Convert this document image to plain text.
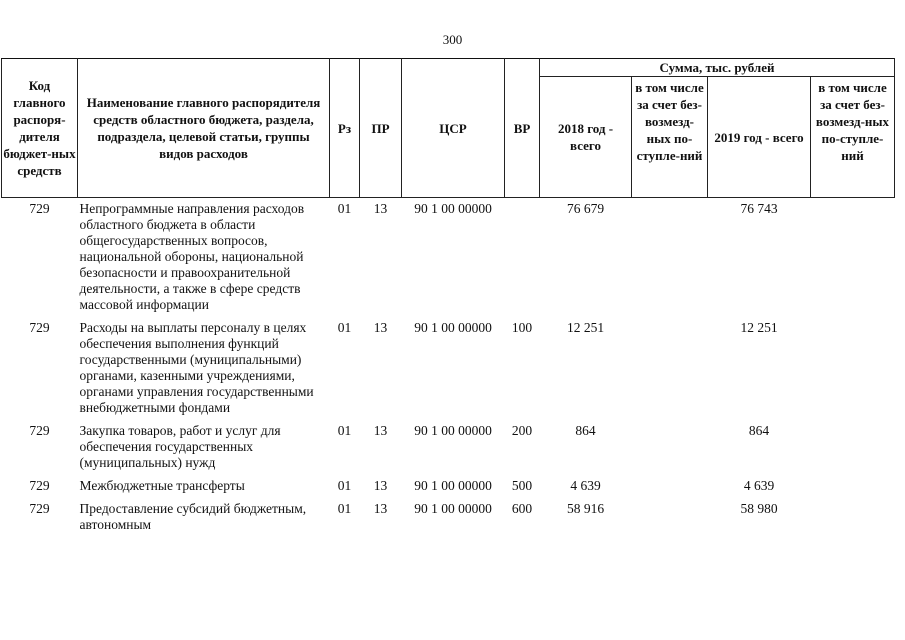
300
Код главного распоря-дителя бюджет-ных средств	Наименование главного распорядителя средств областного бюджета, раздела, подраздела, целевой статьи, группы видов расходов	Рз	ПР	ЦСР	ВР	Сумма, тыс. рублей			
						2018 год - всего	в том числе за счет без-возмезд-ных по-ступле-ний	2019 год - всего	в том числе за счет без-возмезд-ных по-ступле-ний
729	Непрограммные направления расходов областного бюджета в области общегосударственных вопросов, национальной обороны, национальной безопасности и правоохранительной деятельности, а также в сфере средств массовой информации	01	13	90 1 00 00000		76 679		76 743	
729	Расходы на выплаты персоналу в целях обеспечения выполнения функций государственными (муниципальными) органами, казенными учреждениями, органами управления государственными внебюджетными фондами	01	13	90 1 00 00000	100	12 251		12 251	
729	Закупка товаров, работ и услуг для обеспечения государственных (муниципальных) нужд	01	13	90 1 00 00000	200	864		864	
729	Межбюджетные трансферты	01	13	90 1 00 00000	500	4 639		4 639	
729	Предоставление субсидий бюджетным, автономным	01	13	90 1 00 00000	600	58 916		58 980	
